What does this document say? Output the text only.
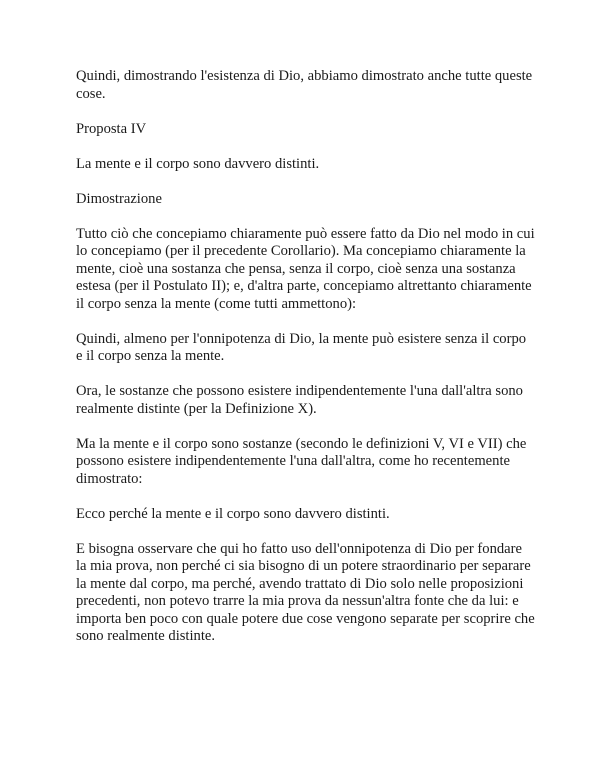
Quindi, dimostrando l'esistenza di Dio, abbiamo dimostrato anche tutte queste cose.

Proposta IV

La mente e il corpo sono davvero distinti.

Dimostrazione

Tutto ciò che concepiamo chiaramente può essere fatto da Dio nel modo in cui lo concepiamo (per il precedente Corollario). Ma concepiamo chiaramente la mente, cioè una sostanza che pensa, senza il corpo, cioè senza una sostanza estesa (per il Postulato II); e, d'altra parte, concepiamo altrettanto chiaramente il corpo senza la mente (come tutti ammettono):

Quindi, almeno per l'onnipotenza di Dio, la mente può esistere senza il corpo e il corpo senza la mente.

Ora, le sostanze che possono esistere indipendentemente l'una dall'altra sono realmente distinte (per la Definizione X).

Ma la mente e il corpo sono sostanze (secondo le definizioni V, VI e VII) che possono esistere indipendentemente l'una dall'altra, come ho recentemente dimostrato:

Ecco perché la mente e il corpo sono davvero distinti.

E bisogna osservare che qui ho fatto uso dell'onnipotenza di Dio per fondare la mia prova, non perché ci sia bisogno di un potere straordinario per separare la mente dal corpo, ma perché, avendo trattato di Dio solo nelle proposizioni precedenti, non potevo trarre la mia prova da nessun'altra fonte che da lui: e importa ben poco con quale potere due cose vengono separate per scoprire che sono realmente distinte.
